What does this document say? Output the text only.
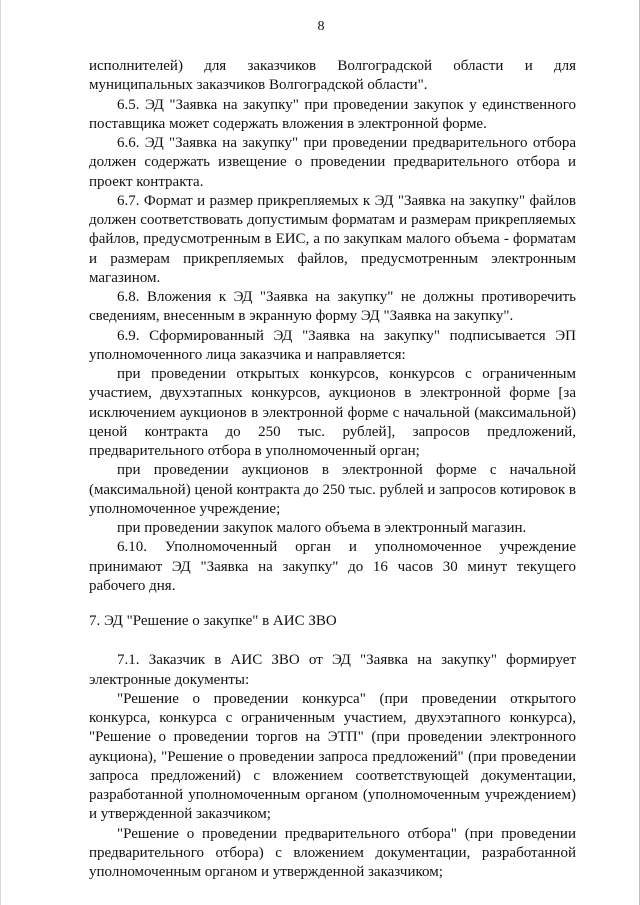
8

исполнителей) для заказчиков Волгоградской области и для муниципальных заказчиков Волгоградской области".

6.5. ЭД "Заявка на закупку" при проведении закупок у единственного поставщика может содержать вложения в электронной форме.

6.6. ЭД "Заявка на закупку" при проведении предварительного отбора должен содержать извещение о проведении предварительного отбора и проект контракта.

6.7. Формат и размер прикрепляемых к ЭД "Заявка на закупку" файлов должен соответствовать допустимым форматам и размерам прикрепляемых файлов, предусмотренным в ЕИС, а по закупкам малого объема - форматам и размерам прикрепляемых файлов, предусмотренным электронным магазином.

6.8. Вложения к ЭД "Заявка на закупку" не должны противоречить сведениям, внесенным в экранную форму ЭД "Заявка на закупку".

6.9. Сформированный ЭД "Заявка на закупку" подписывается ЭП уполномоченного лица заказчика и направляется:

при проведении открытых конкурсов, конкурсов с ограниченным участием, двухэтапных конкурсов, аукционов в электронной форме [за исключением аукционов в электронной форме с начальной (максимальной) ценой контракта до 250 тыс. рублей], запросов предложений, предварительного отбора в уполномоченный орган;

при проведении аукционов в электронной форме с начальной (максимальной) ценой контракта до 250 тыс. рублей и запросов котировок в уполномоченное учреждение;

при проведении закупок малого объема в электронный магазин.

6.10. Уполномоченный орган и уполномоченное учреждение принимают ЭД "Заявка на закупку" до 16 часов 30 минут текущего рабочего дня.

7. ЭД "Решение о закупке" в АИС ЗВО

7.1. Заказчик в АИС ЗВО от ЭД "Заявка на закупку" формирует электронные документы:

"Решение о проведении конкурса" (при проведении открытого конкурса, конкурса с ограниченным участием, двухэтапного конкурса), "Решение о проведении торгов на ЭТП" (при проведении электронного аукциона), "Решение о проведении запроса предложений" (при проведении запроса предложений) с вложением соответствующей документации, разработанной уполномоченным органом (уполномоченным учреждением) и утвержденной заказчиком;

"Решение о проведении предварительного отбора" (при проведении предварительного отбора) с вложением документации, разработанной уполномоченным органом и утвержденной заказчиком;
